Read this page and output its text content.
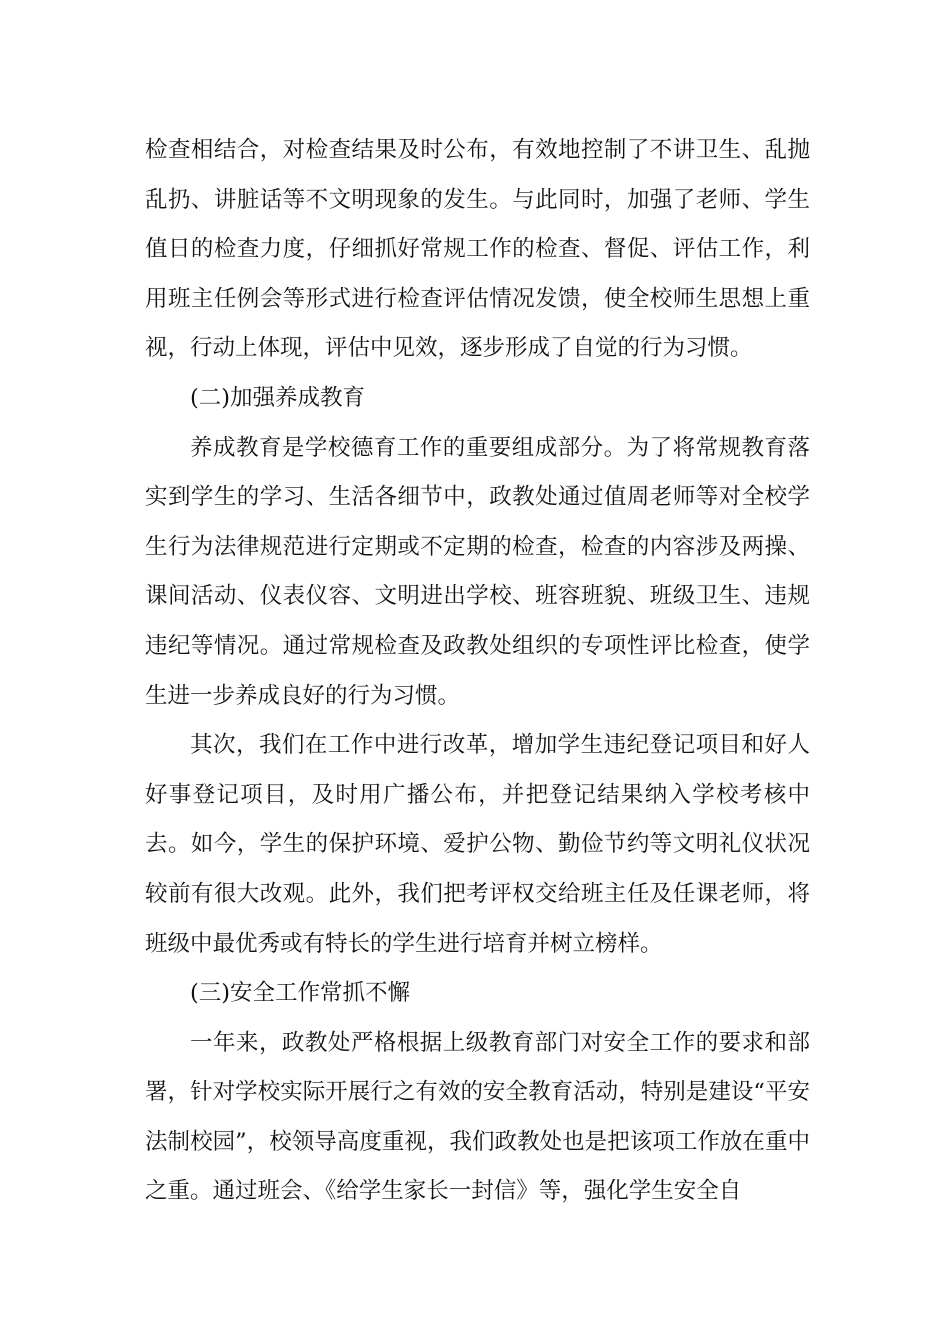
检查相结合，对检查结果及时公布，有效地控制了不讲卫生、乱抛乱扔、讲脏话等不文明现象的发生。与此同时，加强了老师、学生值日的检查力度，仔细抓好常规工作的检查、督促、评估工作，利用班主任例会等形式进行检查评估情况发馈，使全校师生思想上重视，行动上体现，评估中见效，逐步形成了自觉的行为习惯。

(二)加强养成教育

养成教育是学校德育工作的重要组成部分。为了将常规教育落实到学生的学习、生活各细节中，政教处通过值周老师等对全校学生行为法律规范进行定期或不定期的检查，检查的内容涉及两操、课间活动、仪表仪容、文明进出学校、班容班貌、班级卫生、违规违纪等情况。通过常规检查及政教处组织的专项性评比检查，使学生进一步养成良好的行为习惯。

其次，我们在工作中进行改革，增加学生违纪登记项目和好人好事登记项目，及时用广播公布，并把登记结果纳入学校考核中去。如今，学生的保护环境、爱护公物、勤俭节约等文明礼仪状况较前有很大改观。此外，我们把考评权交给班主任及任课老师，将班级中最优秀或有特长的学生进行培育并树立榜样。

(三)安全工作常抓不懈

一年来，政教处严格根据上级教育部门对安全工作的要求和部署，针对学校实际开展行之有效的安全教育活动，特别是建设“平安法制校园”，校领导高度重视，我们政教处也是把该项工作放在重中之重。通过班会、《给学生家长一封信》等，强化学生安全自
